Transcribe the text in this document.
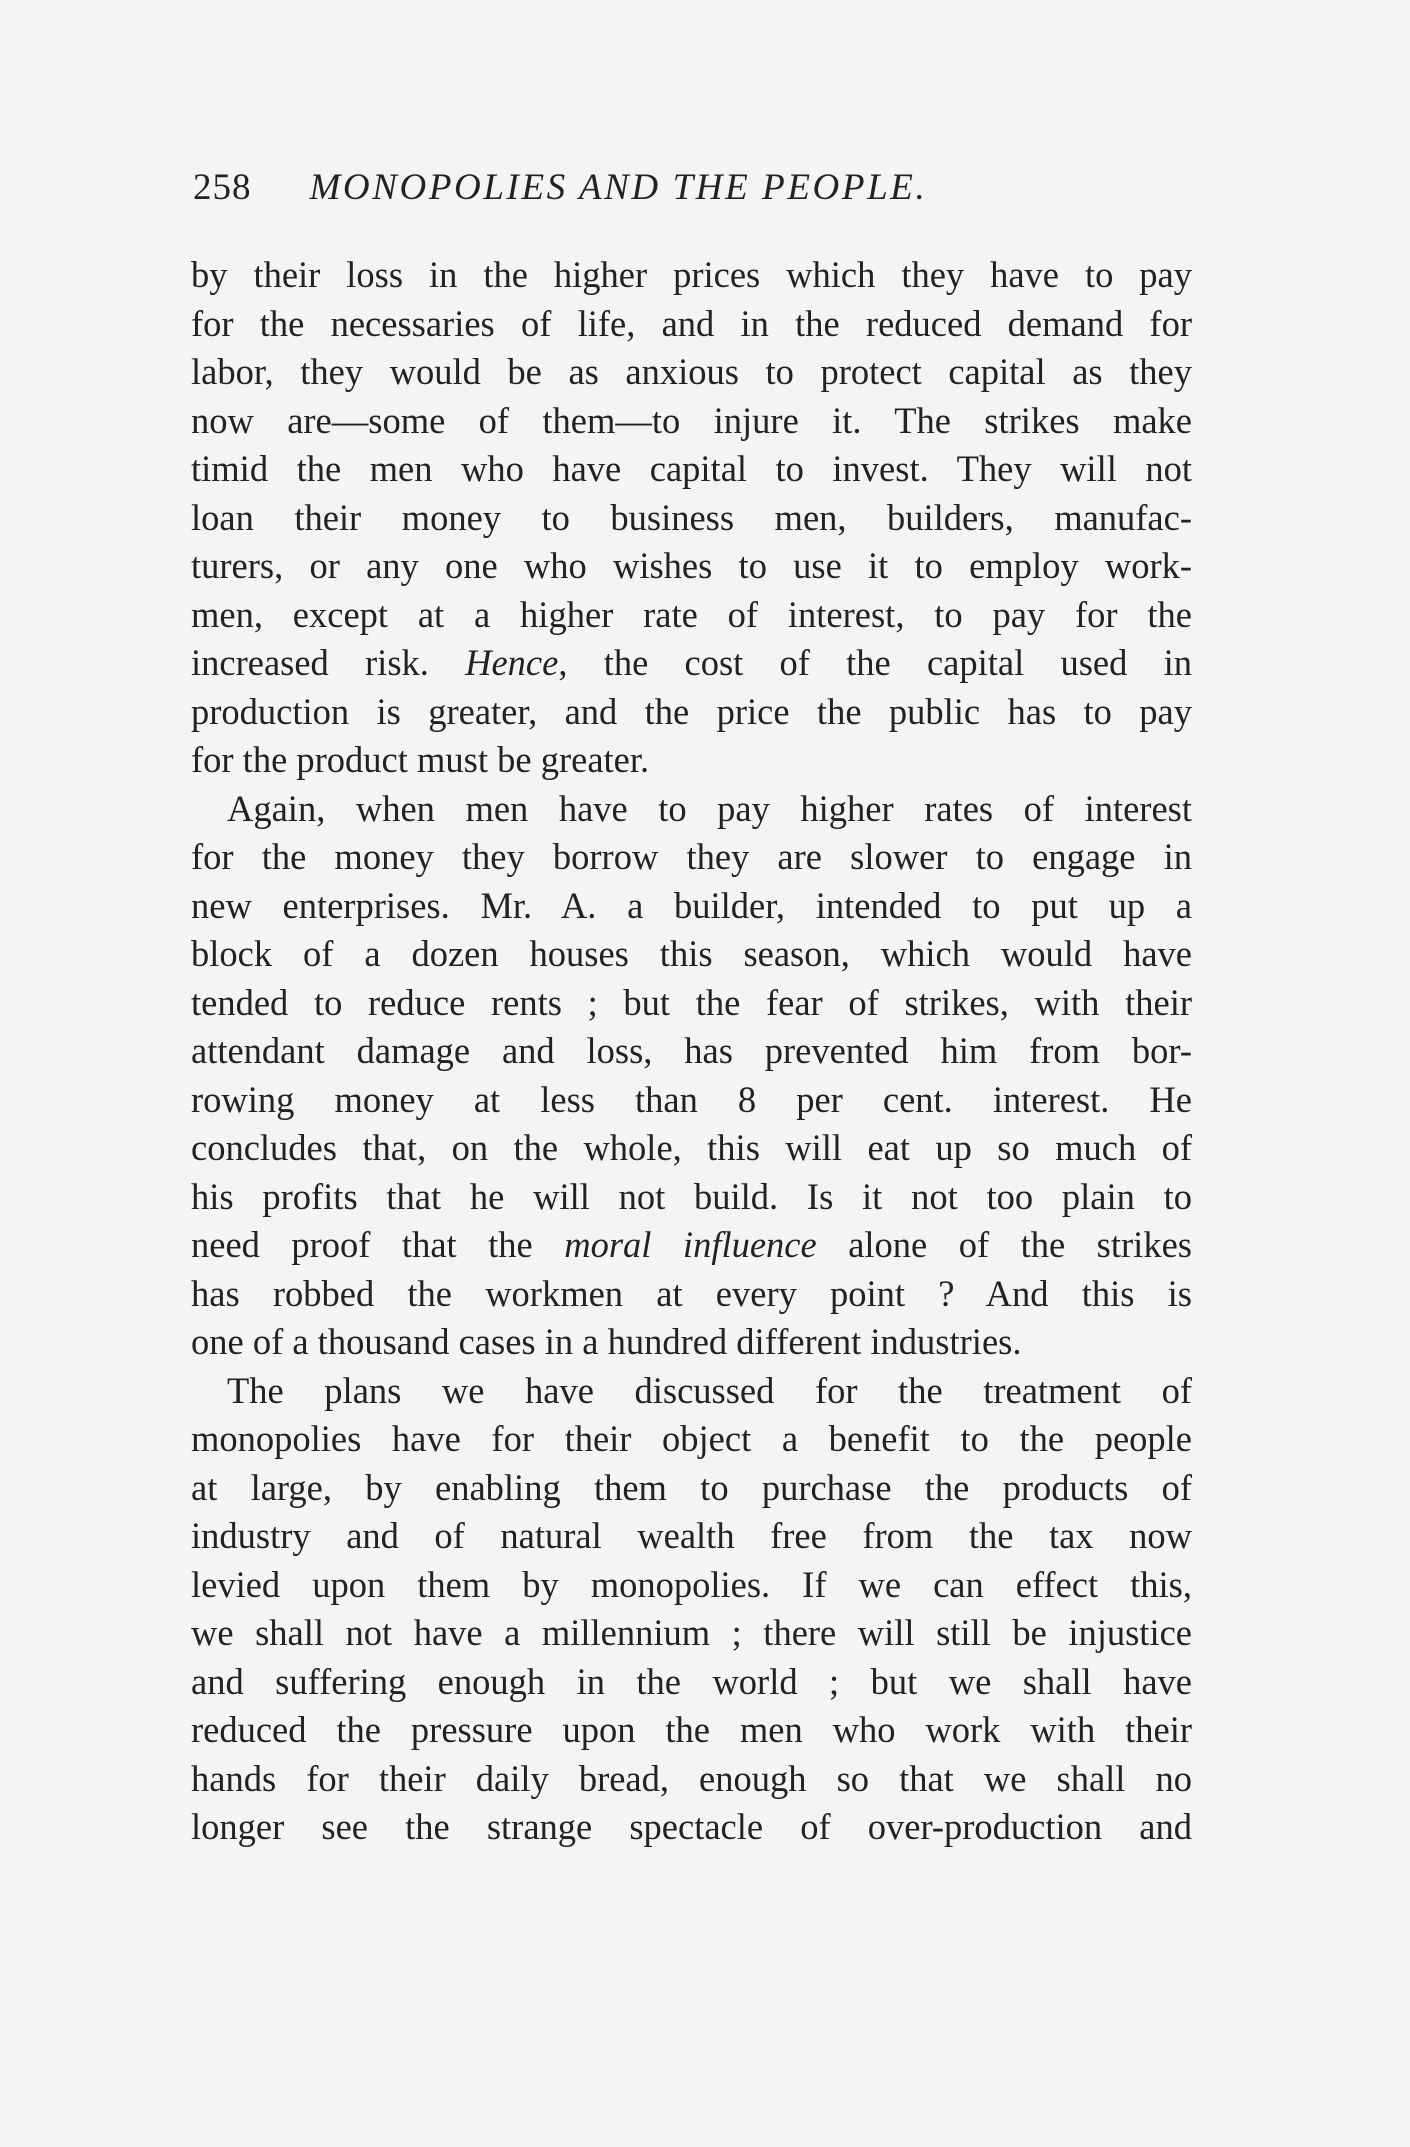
258 MONOPOLIES AND THE PEOPLE.
by their loss in the higher prices which they have to pay
for the necessaries of life, and in the reduced demand for
labor, they would be as anxious to protect capital as they
now are—some of them—to injure it. The strikes make
timid the men who have capital to invest. They will not
loan their money to business men, builders, manufac-
turers, or any one who wishes to use it to employ work-
men, except at a higher rate of interest, to pay for the
increased risk. Hence, the cost of the capital used in
production is greater, and the price the public has to pay
for the product must be greater.
Again, when men have to pay higher rates of interest
for the money they borrow they are slower to engage in
new enterprises. Mr. A. a builder, intended to put up a
block of a dozen houses this season, which would have
tended to reduce rents ; but the fear of strikes, with their
attendant damage and loss, has prevented him from bor-
rowing money at less than 8 per cent. interest. He
concludes that, on the whole, this will eat up so much of
his profits that he will not build. Is it not too plain to
need proof that the moral influence alone of the strikes
has robbed the workmen at every point ? And this is
one of a thousand cases in a hundred different industries.
The plans we have discussed for the treatment of
monopolies have for their object a benefit to the people
at large, by enabling them to purchase the products of
industry and of natural wealth free from the tax now
levied upon them by monopolies. If we can effect this,
we shall not have a millennium ; there will still be injustice
and suffering enough in the world ; but we shall have
reduced the pressure upon the men who work with their
hands for their daily bread, enough so that we shall no
longer see the strange spectacle of over-production and
